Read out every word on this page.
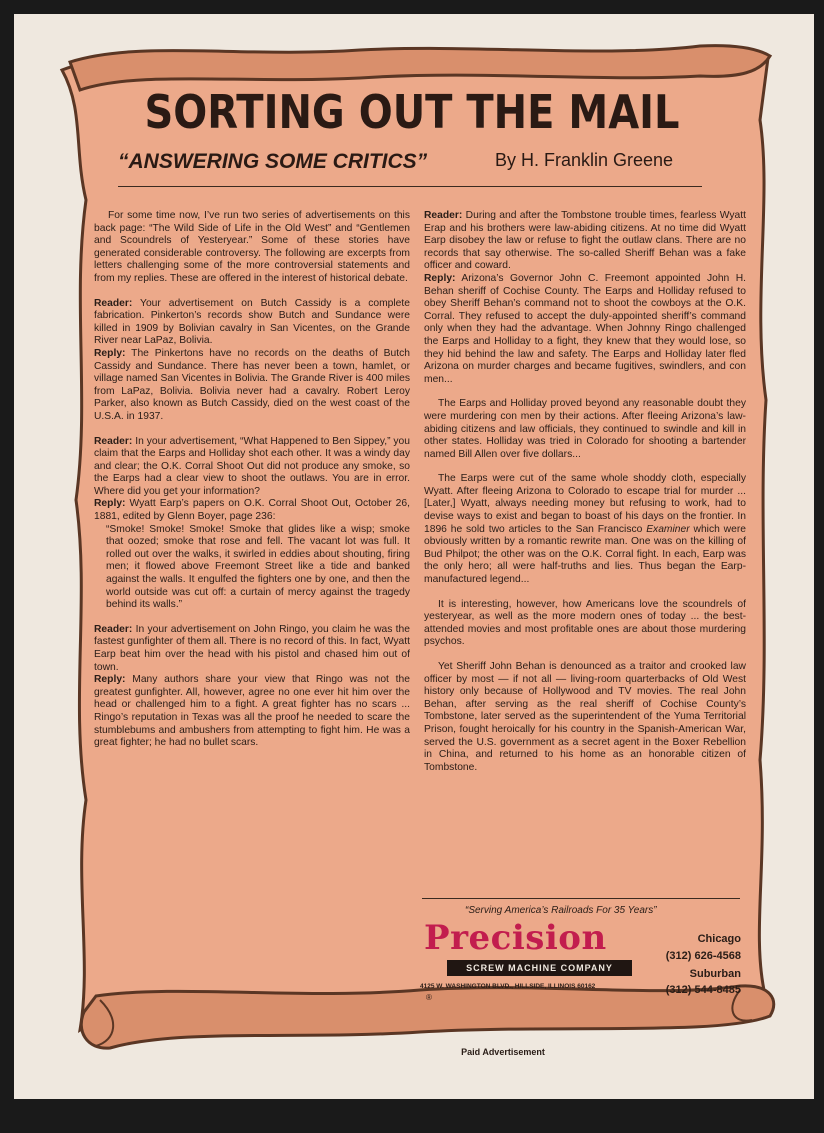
SORTING OUT THE MAIL
“ANSWERING SOME CRITICS”	By H. Franklin Greene

For some time now, I’ve run two series of advertisements on this back page: “The Wild Side of Life in the Old West” and “Gentlemen and Scoundrels of Yesteryear.” Some of these stories have generated considerable controversy. The following are excerpts from letters challenging some of the more controversial statements and from my replies. These are offered in the interest of historical debate.

Reader: Your advertisement on Butch Cassidy is a complete fabrication. Pinkerton’s records show Butch and Sundance were killed in 1909 by Bolivian cavalry in San Vicentes, on the Grande River near LaPaz, Bolivia.

Reply: The Pinkertons have no records on the deaths of Butch Cassidy and Sundance. There has never been a town, hamlet, or village named San Vicentes in Bolivia. The Grande River is 400 miles from LaPaz, Bolivia. Bolivia never had a cavalry. Robert Leroy Parker, also known as Butch Cassidy, died on the west coast of the U.S.A. in 1937.

Reader: In your advertisement, “What Happened to Ben Sippey,” you claim that the Earps and Holliday shot each other. It was a windy day and clear; the O.K. Corral Shoot Out did not produce any smoke, so the Earps had a clear view to shoot the outlaws. You are in error. Where did you get your information?

Reply: Wyatt Earp’s papers on O.K. Corral Shoot Out, October 26, 1881, edited by Glenn Boyer, page 236:

“Smoke! Smoke! Smoke! Smoke that glides like a wisp; smoke that oozed; smoke that rose and fell. The vacant lot was full. It rolled out over the walks, it swirled in eddies about shouting, firing men; it flowed above Freemont Street like a tide and banked against the walls. It engulfed the fighters one by one, and then the world outside was cut off: a curtain of mercy against the tragedy behind its walls.”

Reader: In your advertisement on John Ringo, you claim he was the fastest gunfighter of them all. There is no record of this. In fact, Wyatt Earp beat him over the head with his pistol and chased him out of town.

Reply: Many authors share your view that Ringo was not the greatest gunfighter. All, however, agree no one ever hit him over the head or challenged him to a fight. A great fighter has no scars ... Ringo’s reputation in Texas was all the proof he needed to scare the stumblebums and ambushers from attempting to fight him. He was a great fighter; he had no bullet scars.

Reader: During and after the Tombstone trouble times, fearless Wyatt Erap and his brothers were law-abiding citizens. At no time did Wyatt Earp disobey the law or refuse to fight the outlaw clans. There are no records that say otherwise. The so-called Sheriff Behan was a fake officer and coward.

Reply: Arizona’s Governor John C. Freemont appointed John H. Behan sheriff of Cochise County. The Earps and Holliday refused to obey Sheriff Behan’s command not to shoot the cowboys at the O.K. Corral. They refused to accept the duly-appointed sheriff’s command only when they had the advantage. When Johnny Ringo challenged the Earps and Holliday to a fight, they knew that they would lose, so they hid behind the law and safety. The Earps and Holliday later fled Arizona on murder charges and became fugitives, swindlers, and con men...

The Earps and Holliday proved beyond any reasonable doubt they were murdering con men by their actions. After fleeing Arizona’s law-abiding citizens and law officials, they continued to swindle and kill in other states. Holliday was tried in Colorado for shooting a bartender named Bill Allen over five dollars...

The Earps were cut of the same whole shoddy cloth, especially Wyatt. After fleeing Arizona to Colorado to escape trial for murder ... [Later,] Wyatt, always needing money but refusing to work, had to devise ways to exist and began to boast of his days on the frontier. In 1896 he sold two articles to the San Francisco Examiner which were obviously written by a romantic rewrite man. One was on the killing of Bud Philpot; the other was on the O.K. Corral fight. In each, Earp was the only hero; all were half-truths and lies. Thus began the Earp-manufactured legend...

It is interesting, however, how Americans love the scoundrels of yesteryear, as well as the more modern ones of today ... the best-attended movies and most profitable ones are about those murdering psychos.

Yet Sheriff John Behan is denounced as a traitor and crooked law officer by most — if not all — living-room quarterbacks of Old West history only because of Hollywood and TV movies. The real John Behan, after serving as the real sheriff of Cochise County’s Tombstone, later served as the superintendent of the Yuma Territorial Prison, fought heroically for his country in the Spanish-American War, served the U.S. government as a secret agent in the Boxer Rebellion in China, and returned to his home as an honorable citizen of Tombstone.

“Serving America’s Railroads For 35 Years”
Precision
SCREW MACHINE COMPANY
4125 W. WASHINGTON BLVD., HILLSIDE, ILLINOIS 60162
®
Chicago
(312) 626-4568
Suburban
(312) 544-8485
Paid Advertisement
